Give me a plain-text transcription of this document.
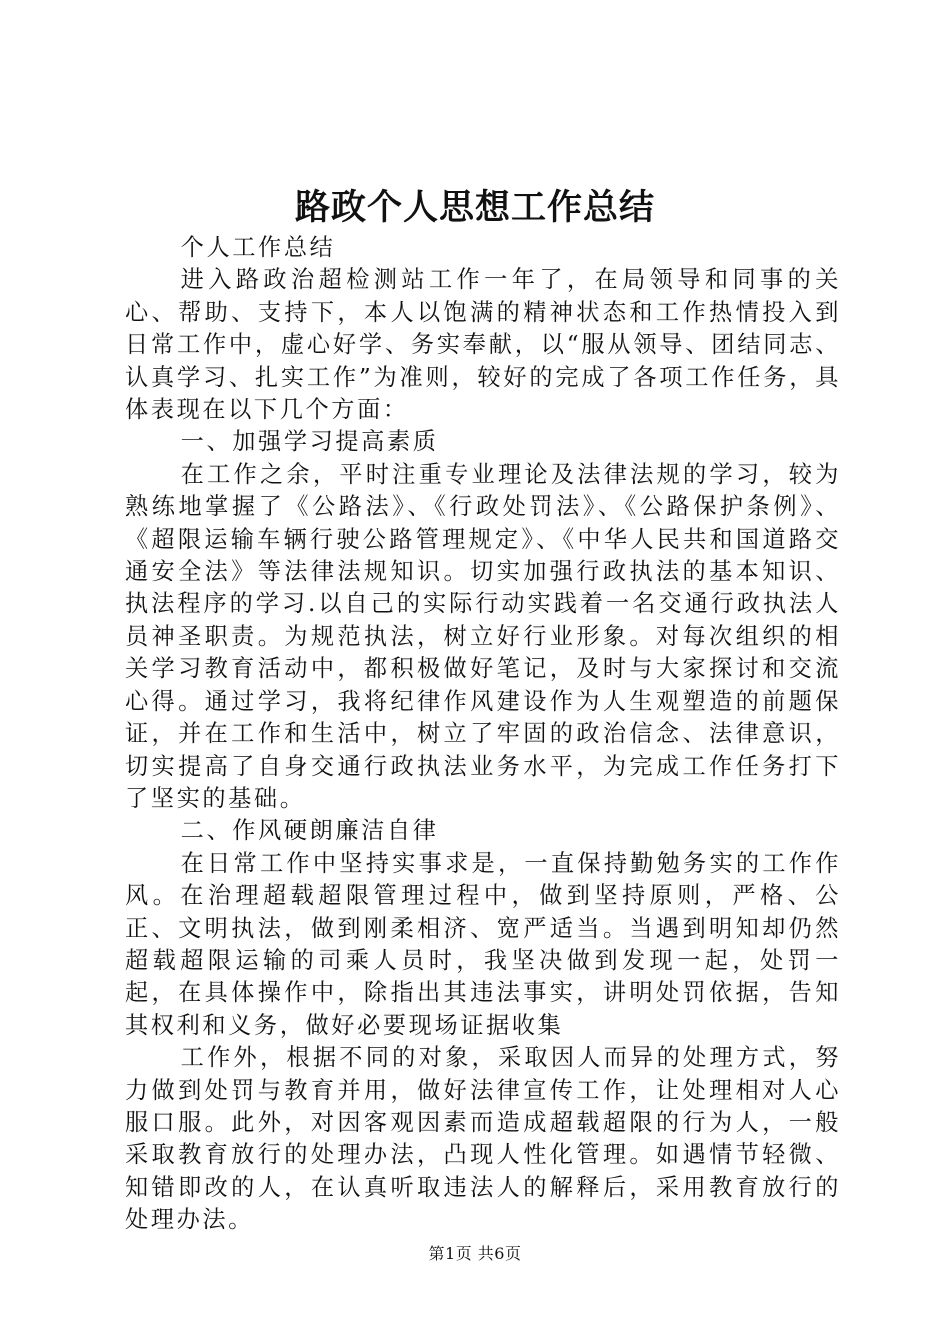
路政个人思想工作总结

个人工作总结

进入路政治超检测站工作一年了，在局领导和同事的关心、帮助、支持下，本人以饱满的精神状态和工作热情投入到日常工作中，虚心好学、务实奉献，以“服从领导、团结同志、认真学习、扎实工作”为准则，较好的完成了各项工作任务，具体表现在以下几个方面：

一、加强学习提高素质

在工作之余，平时注重专业理论及法律法规的学习，较为熟练地掌握了《公路法》、《行政处罚法》、《公路保护条例》、《超限运输车辆行驶公路管理规定》、《中华人民共和国道路交通安全法》等法律法规知识。切实加强行政执法的基本知识、执法程序的学习.以自己的实际行动实践着一名交通行政执法人员神圣职责。为规范执法，树立好行业形象。对每次组织的相关学习教育活动中，都积极做好笔记，及时与大家探讨和交流心得。通过学习，我将纪律作风建设作为人生观塑造的前题保证，并在工作和生活中，树立了牢固的政治信念、法律意识，切实提高了自身交通行政执法业务水平，为完成工作任务打下了坚实的基础。

二、作风硬朗廉洁自律

在日常工作中坚持实事求是，一直保持勤勉务实的工作作风。在治理超载超限管理过程中，做到坚持原则，严格、公正、文明执法，做到刚柔相济、宽严适当。当遇到明知却仍然超载超限运输的司乘人员时，我坚决做到发现一起，处罚一起，在具体操作中，除指出其违法事实，讲明处罚依据，告知其权利和义务，做好必要现场证据收集

工作外，根据不同的对象，采取因人而异的处理方式，努力做到处罚与教育并用，做好法律宣传工作，让处理相对人心服口服。此外，对因客观因素而造成超载超限的行为人，一般采取教育放行的处理办法，凸现人性化管理。如遇情节轻微、知错即改的人，在认真听取违法人的解释后，采用教育放行的处理办法。

第1页 共6页
